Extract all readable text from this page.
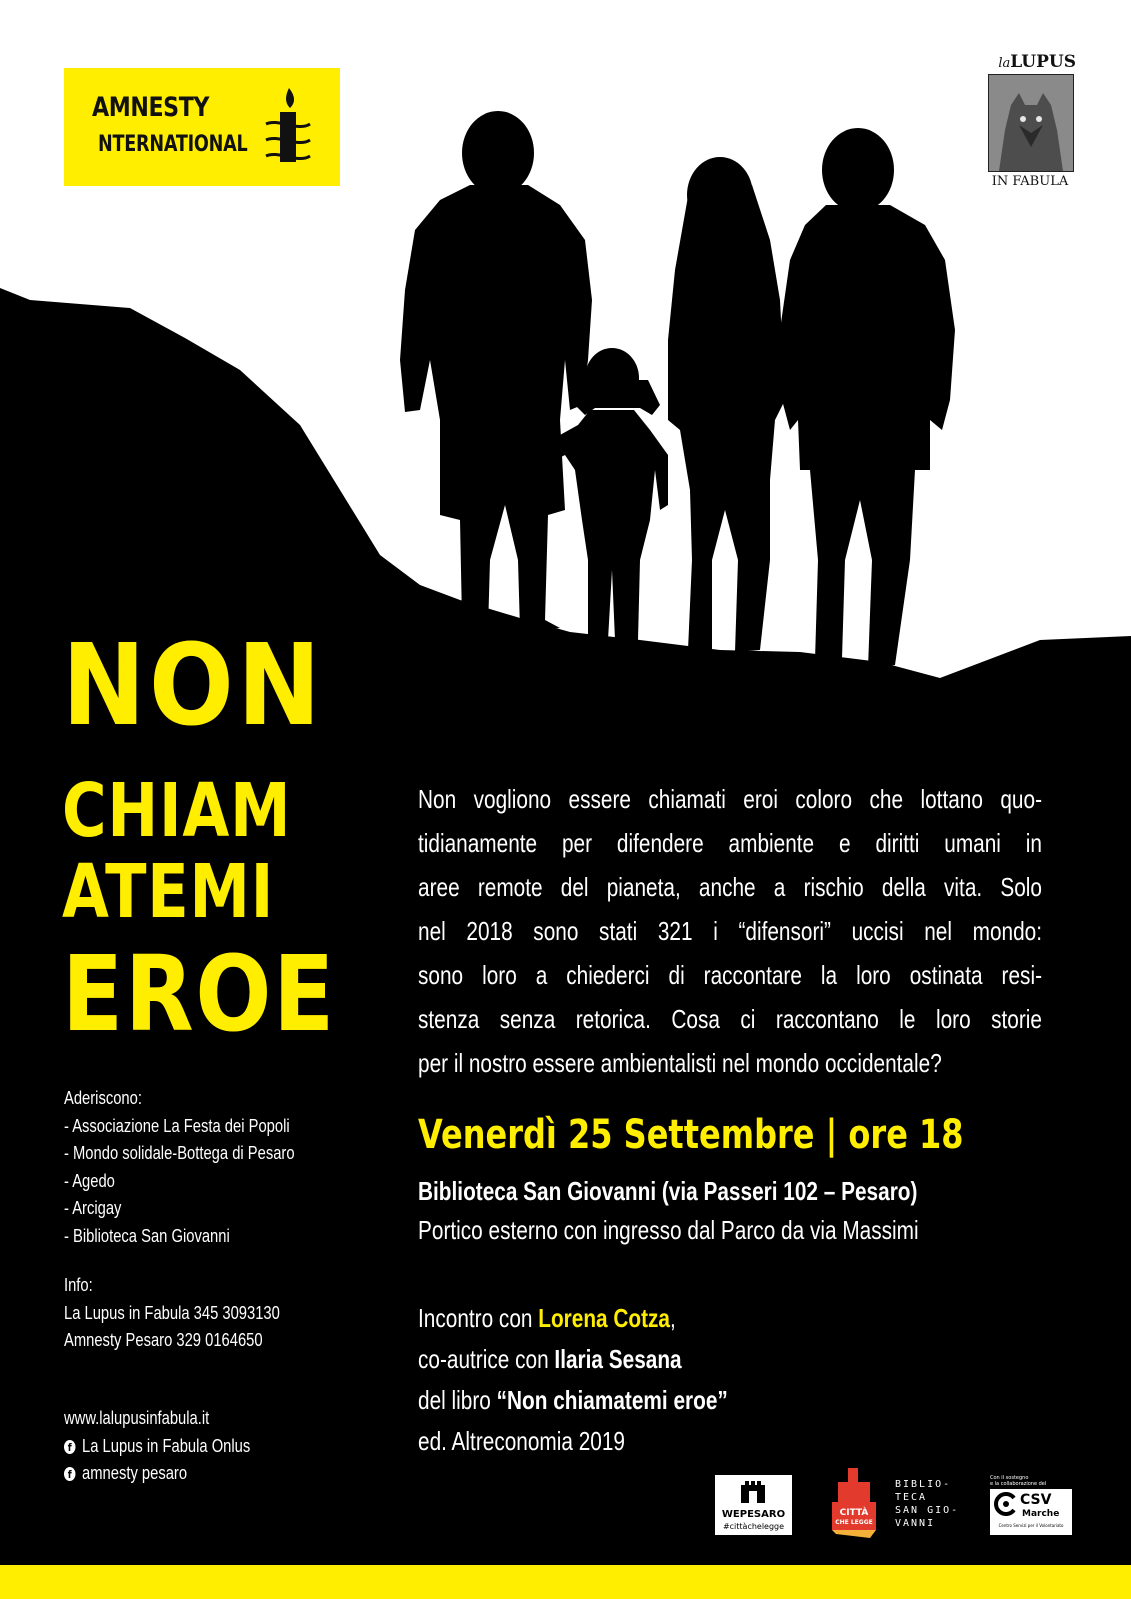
AMNESTY
NTERNATIONAL
laLUPUS
IN FABULA
NON
CHIAM
ATEMI
EROE
Non vogliono essere chiamati eroi coloro che lottano quo-
tidianamente per difendere ambiente e diritti umani in
aree remote del pianeta, anche a rischio della vita. Solo
nel 2018 sono stati 321 i “difensori” uccisi nel mondo:
sono loro a chiederci di raccontare la loro ostinata resi-
stenza senza retorica. Cosa ci raccontano le loro storie
per il nostro essere ambientalisti nel mondo occidentale?
Venerdì 25 Settembre | ore 18
Biblioteca San Giovanni (via Passeri 102 – Pesaro)
Portico esterno con ingresso dal Parco da via Massimi
Incontro con Lorena Cotza,
co-autrice con Ilaria Sesana
del libro “Non chiamatemi eroe”
ed. Altreconomia 2019
Aderiscono:
- Associazione La Festa dei Popoli
- Mondo solidale-Bottega di Pesaro
- Agedo
- Arcigay
- Biblioteca San Giovanni
Info:
La Lupus in Fabula 345 3093130
Amnesty Pesaro 329 0164650
www.lalupusinfabula.it
f La Lupus in Fabula Onlus
f amnesty pesaro
WEPESARO
#cittàchelegge
CITTÀ
CHE LEGGE
BIBLIO-
TECA
SAN GIO-
VANNI
Con il sostegno
e la collaborazione del
CSV
Marche
Centro Servizi per il Volontariato
